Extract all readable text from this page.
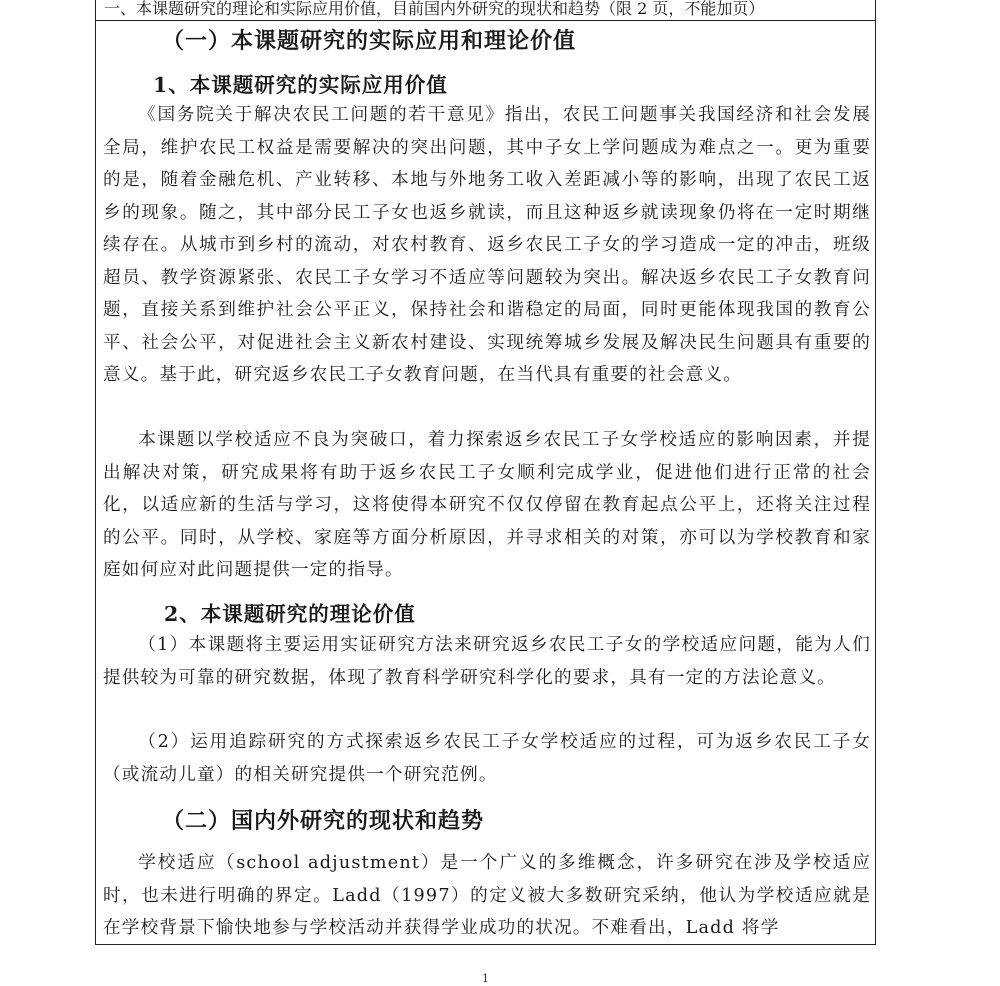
一、本课题研究的理论和实际应用价值，目前国内外研究的现状和趋势（限 2 页，不能加页）
（一）本课题研究的实际应用和理论价值
1、本课题研究的实际应用价值

《国务院关于解决农民工问题的若干意见》指出，农民工问题事关我国经济和社会发展全局，维护农民工权益是需要解决的突出问题，其中子女上学问题成为难点之一。更为重要的是，随着金融危机、产业转移、本地与外地务工收入差距减小等的影响，出现了农民工返乡的现象。随之，其中部分民工子女也返乡就读，而且这种返乡就读现象仍将在一定时期继续存在。从城市到乡村的流动，对农村教育、返乡农民工子女的学习造成一定的冲击，班级超员、教学资源紧张、农民工子女学习不适应等问题较为突出。解决返乡农民工子女教育问题，直接关系到维护社会公平正义，保持社会和谐稳定的局面，同时更能体现我国的教育公平、社会公平，对促进社会主义新农村建设、实现统筹城乡发展及解决民生问题具有重要的意义。基于此，研究返乡农民工子女教育问题，在当代具有重要的社会意义。

本课题以学校适应不良为突破口，着力探索返乡农民工子女学校适应的影响因素，并提出解决对策，研究成果将有助于返乡农民工子女顺利完成学业，促进他们进行正常的社会化，以适应新的生活与学习，这将使得本研究不仅仅停留在教育起点公平上，还将关注过程的公平。同时，从学校、家庭等方面分析原因，并寻求相关的对策，亦可以为学校教育和家庭如何应对此问题提供一定的指导。

2、本课题研究的理论价值

（1）本课题将主要运用实证研究方法来研究返乡农民工子女的学校适应问题，能为人们提供较为可靠的研究数据，体现了教育科学研究科学化的要求，具有一定的方法论意义。

（2）运用追踪研究的方式探索返乡农民工子女学校适应的过程，可为返乡农民工子女（或流动儿童）的相关研究提供一个研究范例。

（二）国内外研究的现状和趋势

学校适应（school adjustment）是一个广义的多维概念，许多研究在涉及学校适应时，也未进行明确的界定。Ladd（1997）的定义被大多数研究采纳，他认为学校适应就是在学校背景下愉快地参与学校活动并获得学业成功的状况。不难看出，Ladd 将学

1
